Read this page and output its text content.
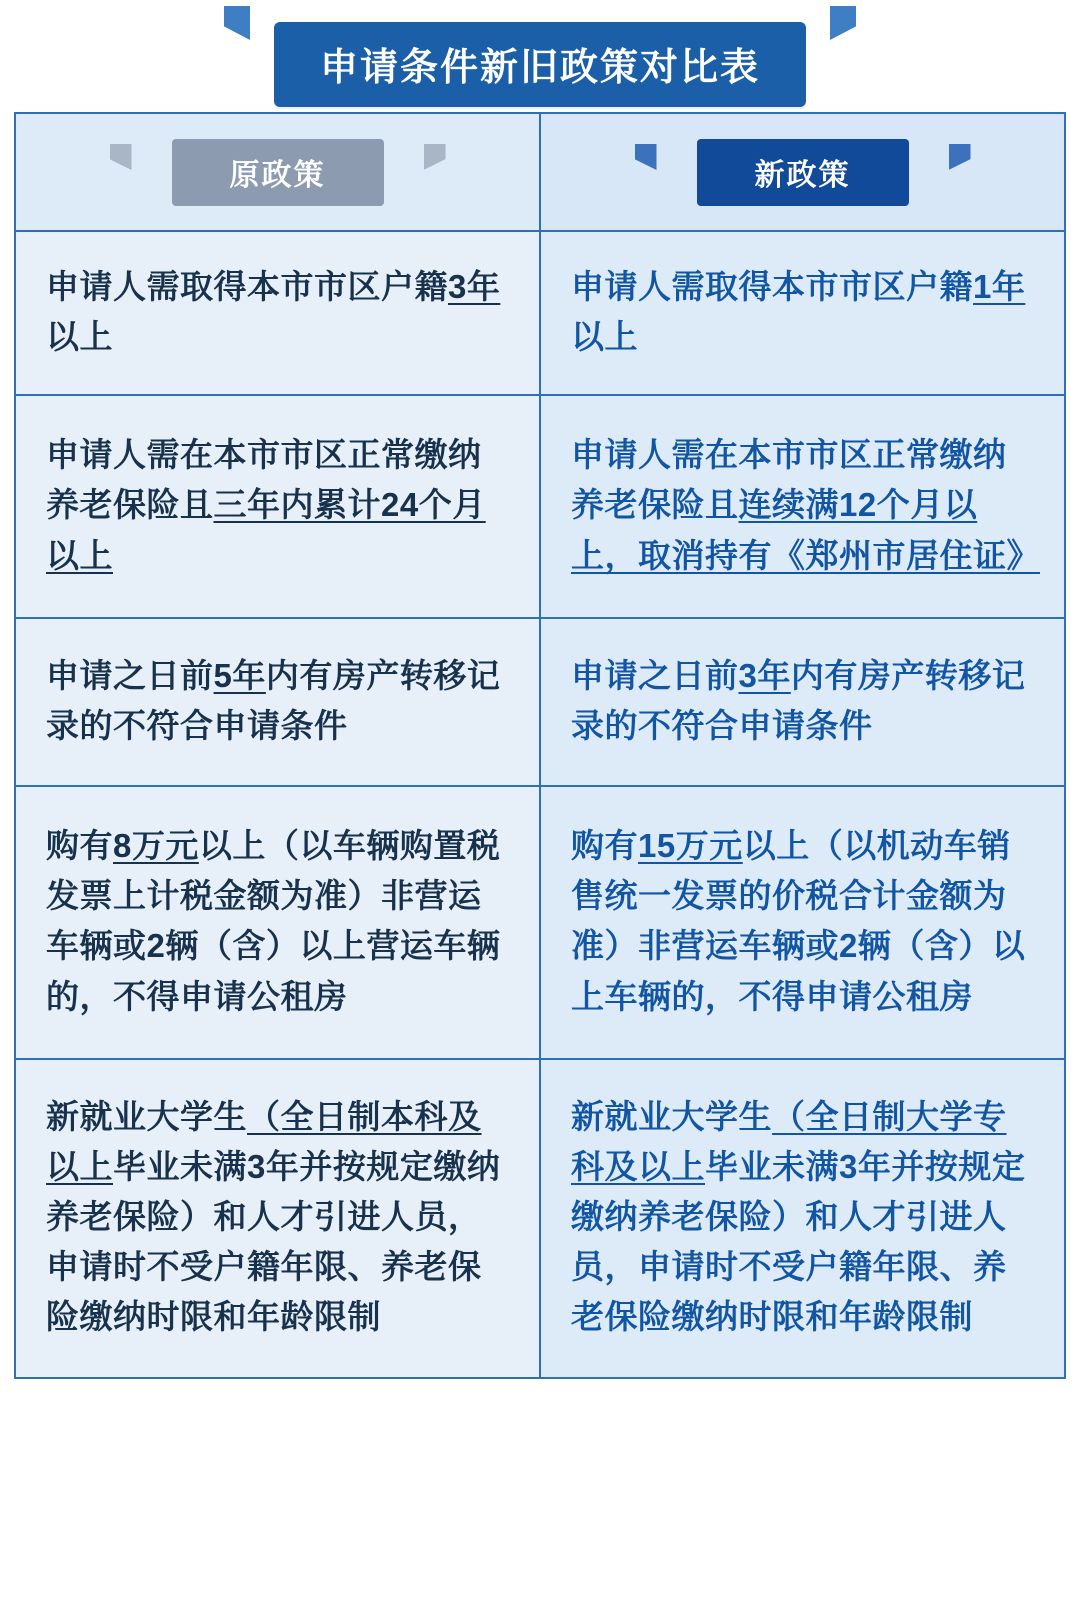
申请条件新旧政策对比表
原政策	新政策

申请人需取得本市市区户籍3年以上	申请人需取得本市市区户籍1年以上
申请人需在本市市区正常缴纳养老保险且三年内累计24个月以上	申请人需在本市市区正常缴纳养老保险且连续满12个月以上，取消持有《郑州市居住证》
申请之日前5年内有房产转移记录的不符合申请条件	申请之日前3年内有房产转移记录的不符合申请条件
购有8万元以上（以车辆购置税发票上计税金额为准）非营运车辆或2辆（含）以上营运车辆的，不得申请公租房	购有15万元以上（以机动车销售统一发票的价税合计金额为准）非营运车辆或2辆（含）以上车辆的，不得申请公租房
新就业大学生（全日制本科及以上毕业未满3年并按规定缴纳养老保险）和人才引进人员，申请时不受户籍年限、养老保险缴纳时限和年龄限制	新就业大学生（全日制大学专科及以上毕业未满3年并按规定缴纳养老保险）和人才引进人员，申请时不受户籍年限、养老保险缴纳时限和年龄限制
